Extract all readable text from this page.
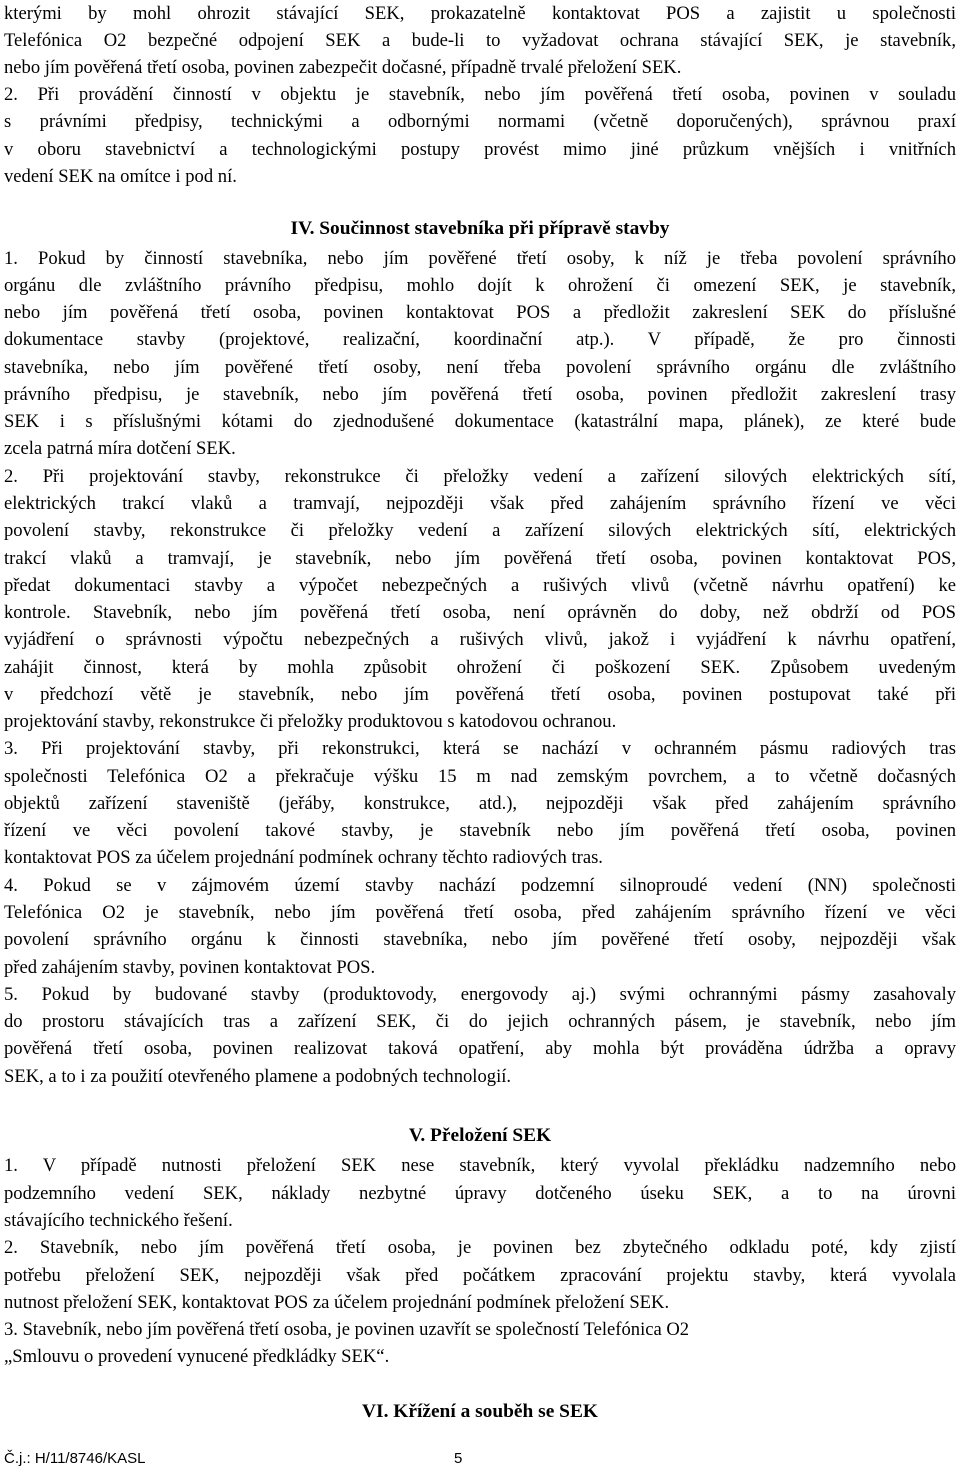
kterými by mohl ohrozit stávající SEK, prokazatelně kontaktovat POS a zajistit u společnosti
Telefónica O2 bezpečné odpojení SEK a bude-li to vyžadovat ochrana stávající SEK, je stavebník,
nebo jím pověřená třetí osoba, povinen zabezpečit dočasné, případně trvalé přeložení SEK.
2. Při provádění činností v objektu je stavebník, nebo jím pověřená třetí osoba, povinen v souladu
s právními předpisy, technickými a odbornými normami (včetně doporučených), správnou praxí
v oboru stavebnictví a technologickými postupy provést mimo jiné průzkum vnějších i vnitřních
vedení SEK na omítce i pod ní.
IV. Součinnost stavebníka při přípravě stavby
1. Pokud by činností stavebníka, nebo jím pověřené třetí osoby, k níž je třeba povolení správního
orgánu dle zvláštního právního předpisu, mohlo dojít k ohrožení či omezení SEK, je stavebník,
nebo jím pověřená třetí osoba, povinen kontaktovat POS a předložit zakreslení SEK do příslušné
dokumentace stavby (projektové, realizační, koordinační atp.). V případě, že pro činnosti
stavebníka, nebo jím pověřené třetí osoby, není třeba povolení správního orgánu dle zvláštního
právního předpisu, je stavebník, nebo jím pověřená třetí osoba, povinen předložit zakreslení trasy
SEK i s příslušnými kótami do zjednodušené dokumentace (katastrální mapa, plánek), ze které bude
zcela patrná míra dotčení SEK.
2. Při projektování stavby, rekonstrukce či přeložky vedení a zařízení silových elektrických sítí,
elektrických trakcí vlaků a tramvají, nejpozději však před zahájením správního řízení ve věci
povolení stavby, rekonstrukce či přeložky vedení a zařízení silových elektrických sítí, elektrických
trakcí vlaků a tramvají, je stavebník, nebo jím pověřená třetí osoba, povinen kontaktovat POS,
předat dokumentaci stavby a výpočet nebezpečných a rušivých vlivů (včetně návrhu opatření) ke
kontrole. Stavebník, nebo jím pověřená třetí osoba, není oprávněn do doby, než obdrží od POS
vyjádření o správnosti výpočtu nebezpečných a rušivých vlivů, jakož i vyjádření k návrhu opatření,
zahájit činnost, která by mohla způsobit ohrožení či poškození SEK. Způsobem uvedeným
v předchozí větě je stavebník, nebo jím pověřená třetí osoba, povinen postupovat také při
projektování stavby, rekonstrukce či přeložky produktovou s katodovou ochranou.
3. Při projektování stavby, při rekonstrukci, která se nachází v ochranném pásmu radiových tras
společnosti Telefónica O2 a překračuje výšku 15 m nad zemským povrchem, a to včetně dočasných
objektů zařízení staveniště (jeřáby, konstrukce, atd.), nejpozději však před zahájením správního
řízení ve věci povolení takové stavby, je stavebník nebo jím pověřená třetí osoba, povinen
kontaktovat POS za účelem projednání podmínek ochrany těchto radiových tras.
4. Pokud se v zájmovém území stavby nachází podzemní silnoproudé vedení (NN) společnosti
Telefónica O2 je stavebník, nebo jím pověřená třetí osoba, před zahájením správního řízení ve věci
povolení správního orgánu k činnosti stavebníka, nebo jím pověřené třetí osoby, nejpozději však
před zahájením stavby, povinen kontaktovat POS.
5. Pokud by budované stavby (produktovody, energovody aj.) svými ochrannými pásmy zasahovaly
do prostoru stávajících tras a zařízení SEK, či do jejich ochranných pásem, je stavebník, nebo jím
pověřená třetí osoba, povinen realizovat taková opatření, aby mohla být prováděna údržba a opravy
SEK, a to i za použití otevřeného plamene a podobných technologií.
V. Přeložení SEK
1. V případě nutnosti přeložení SEK nese stavebník, který vyvolal překládku nadzemního nebo
podzemního vedení SEK, náklady nezbytné úpravy dotčeného úseku SEK, a to na úrovni
stávajícího technického řešení.
2. Stavebník, nebo jím pověřená třetí osoba, je povinen bez zbytečného odkladu poté, kdy zjistí
potřebu přeložení SEK, nejpozději však před počátkem zpracování projektu stavby, která vyvolala
nutnost přeložení SEK, kontaktovat POS za účelem projednání podmínek přeložení SEK.
3. Stavebník, nebo jím pověřená třetí osoba, je povinen uzavřít se společností Telefónica O2
„Smlouvu o provedení vynucené předkládky SEK“.
VI. Křížení a souběh se SEK
Č.j.: H/11/8746/KASL	5
